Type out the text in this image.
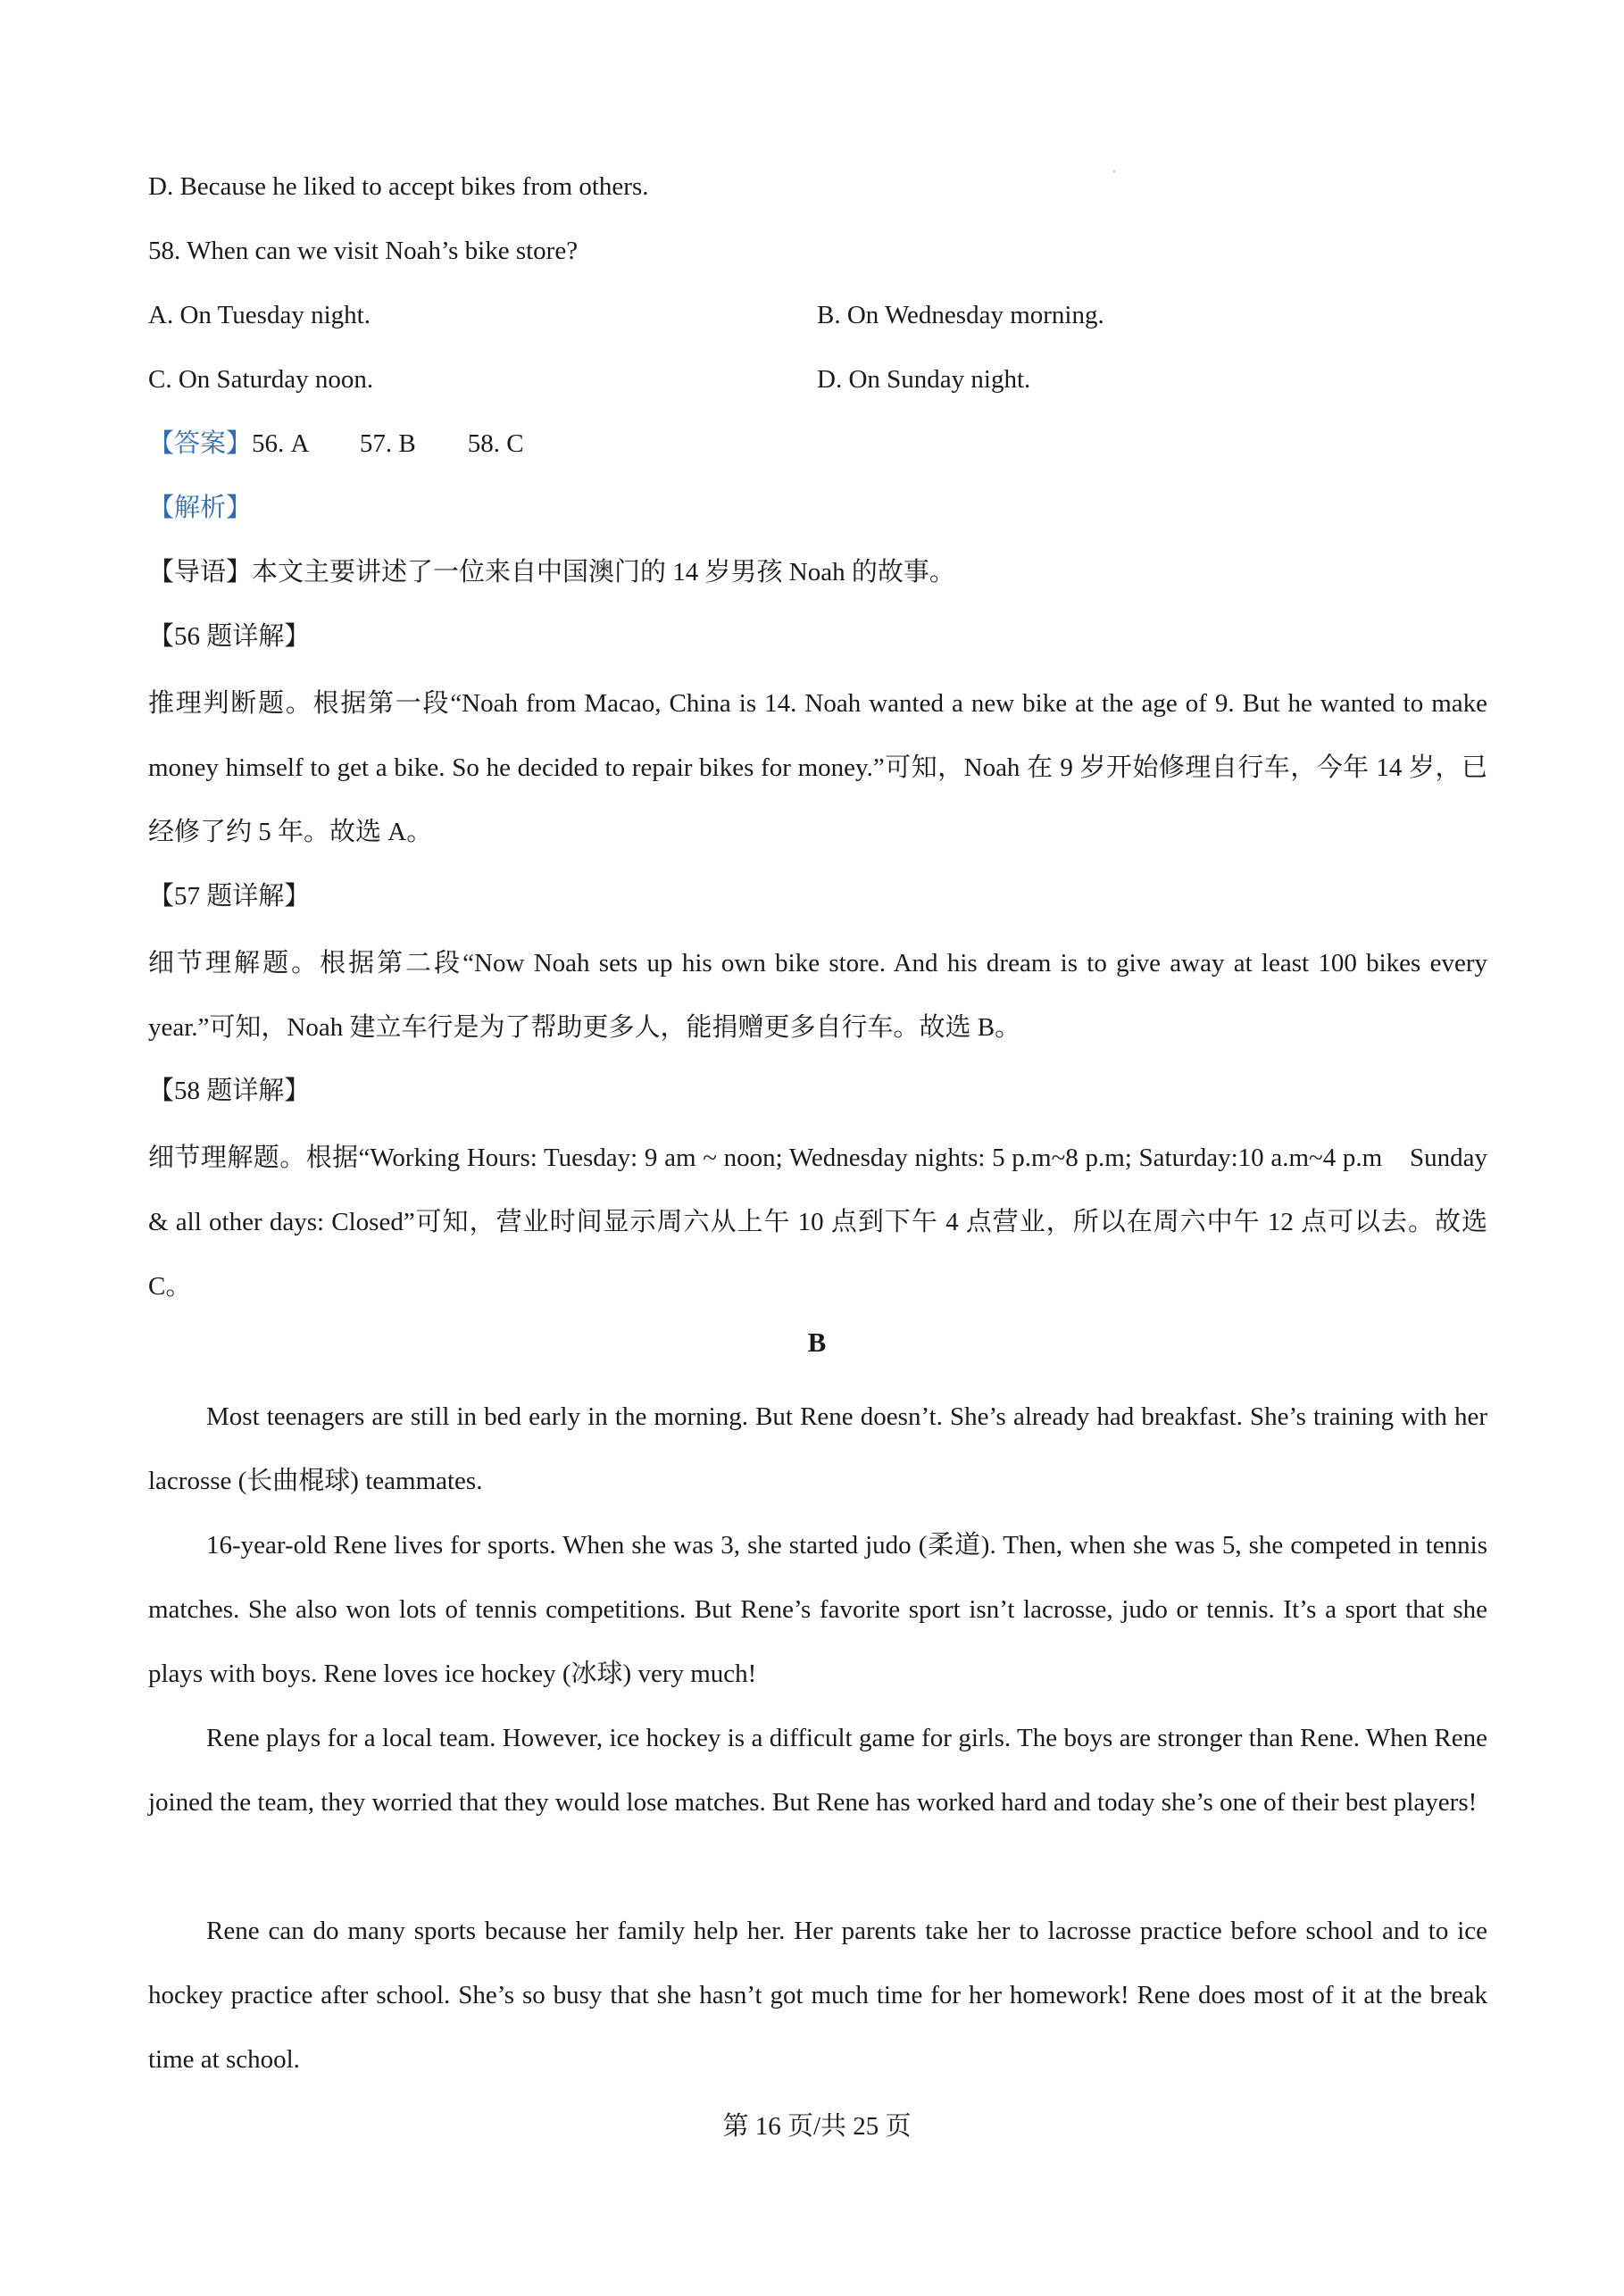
D. Because he liked to accept bikes from others.
58. When can we visit Noah’s bike store?
A. On Tuesday night.	B. On Wednesday morning.
C. On Saturday noon.	D. On Sunday night.
【答案】56. A        57. B        58. C
【解析】
【导语】本文主要讲述了一位来自中国澳门的 14 岁男孩 Noah 的故事。
【56 题详解】
推理判断题。根据第一段“Noah from Macao, China is 14. Noah wanted a new bike at the age of 9. But he wanted to make money himself to get a bike. So he decided to repair bikes for money.”可知，Noah 在 9 岁开始修理自行车，今年 14 岁，已经修了约 5 年。故选 A。
【57 题详解】
细节理解题。根据第二段“Now Noah sets up his own bike store. And his dream is to give away at least 100 bikes every year.”可知，Noah 建立车行是为了帮助更多人，能捐赠更多自行车。故选 B。
【58 题详解】
细节理解题。根据“Working Hours: Tuesday: 9 am ~ noon; Wednesday nights: 5 p.m~8 p.m; Saturday:10 a.m~4 p.m    Sunday & all other days: Closed”可知，营业时间显示周六从上午 10 点到下午 4 点营业，所以在周六中午 12 点可以去。故选 C。
B
Most teenagers are still in bed early in the morning. But Rene doesn’t. She’s already had breakfast. She’s training with her lacrosse (长曲棍球) teammates.
16-year-old Rene lives for sports. When she was 3, she started judo (柔道). Then, when she was 5, she competed in tennis matches. She also won lots of tennis competitions. But Rene’s favorite sport isn’t lacrosse, judo or tennis. It’s a sport that she plays with boys. Rene loves ice hockey (冰球) very much!
Rene plays for a local team. However, ice hockey is a difficult game for girls. The boys are stronger than Rene. When Rene joined the team, they worried that they would lose matches. But Rene has worked hard and today she’s one of their best players!
Rene can do many sports because her family help her. Her parents take her to lacrosse practice before school and to ice hockey practice after school. She’s so busy that she hasn’t got much time for her homework! Rene does most of it at the break time at school.
第 16 页/共 25 页
